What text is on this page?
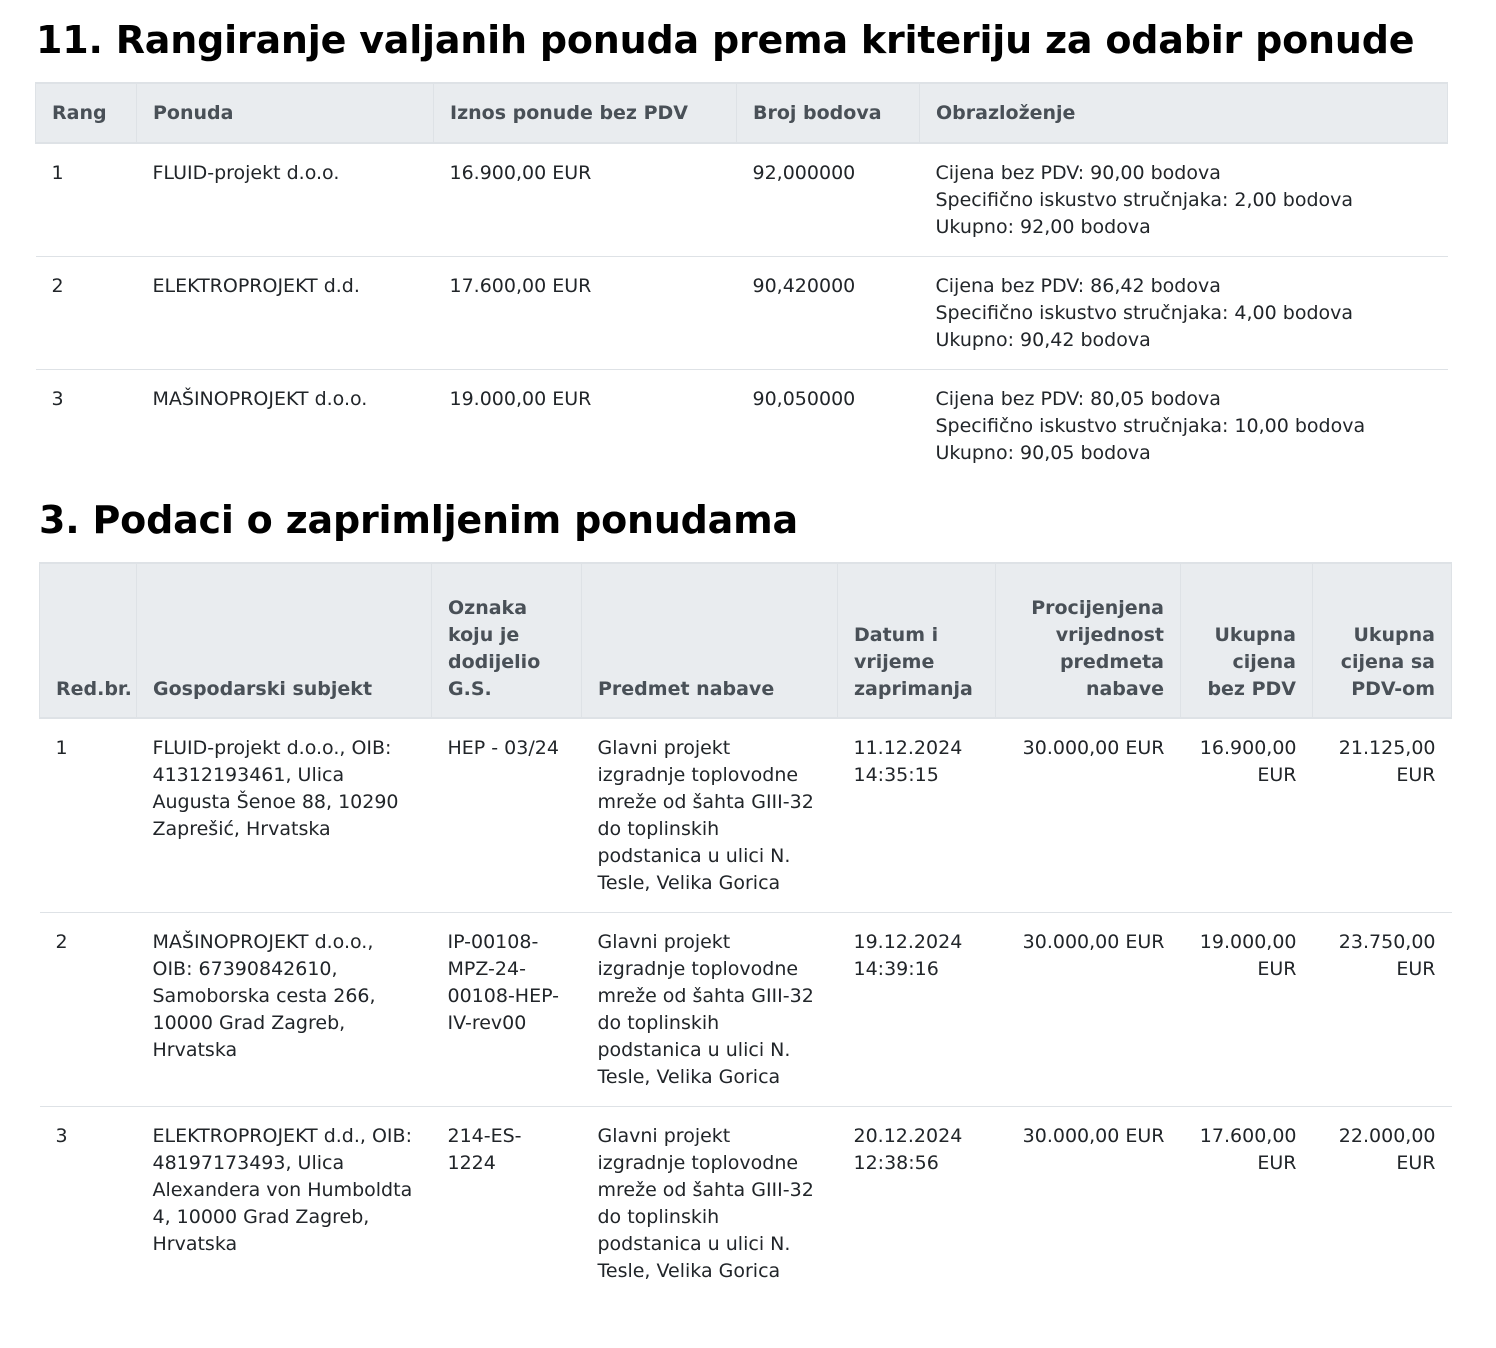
11. Rangiranje valjanih ponuda prema kriteriju za odabir ponude
Rang	Ponuda	Iznos ponude bez PDV	Broj bodova	Obrazloženje
1	FLUID-projekt d.o.o.	16.900,00 EUR	92,000000	Cijena bez PDV: 90,00 bodova
Specifično iskustvo stručnjaka: 2,00 bodova
Ukupno: 92,00 bodova

2	ELEKTROPROJEKT d.d.	17.600,00 EUR	90,420000	Cijena bez PDV: 86,42 bodova
Specifično iskustvo stručnjaka: 4,00 bodova
Ukupno: 90,42 bodova

3	MAŠINOPROJEKT d.o.o.	19.000,00 EUR	90,050000	Cijena bez PDV: 80,05 bodova
Specifično iskustvo stručnjaka: 10,00 bodova
Ukupno: 90,05 bodova
3. Podaci o zaprimljenim ponudama
Red.br.	Gospodarski subjekt	Oznaka koju je dodijelio G.S.	Predmet nabave	Datum i vrijeme zaprimanja	Procijenjena vrijednost predmeta nabave	Ukupna cijena bez PDV	Ukupna cijena sa PDV-om
1	FLUID-projekt d.o.o., OIB: 41312193461, Ulica Augusta Šenoe 88, 10290 Zaprešić, Hrvatska	HEP - 03/24	Glavni projekt izgradnje toplovodne mreže od šahta GIII-32 do toplinskih podstanica u ulici N. Tesle, Velika Gorica	11.12.2024 14:35:15	30.000,00 EUR	16.900,00 EUR	21.125,00 EUR
2	MAŠINOPROJEKT d.o.o., OIB: 67390842610, Samoborska cesta 266, 10000 Grad Zagreb, Hrvatska	IP-00108-MPZ-24-00108-HEP-IV-rev00	Glavni projekt izgradnje toplovodne mreže od šahta GIII-32 do toplinskih podstanica u ulici N. Tesle, Velika Gorica	19.12.2024 14:39:16	30.000,00 EUR	19.000,00 EUR	23.750,00 EUR
3	ELEKTROPROJEKT d.d., OIB: 48197173493, Ulica Alexandera von Humboldta 4, 10000 Grad Zagreb, Hrvatska	214-ES-1224	Glavni projekt izgradnje toplovodne mreže od šahta GIII-32 do toplinskih podstanica u ulici N. Tesle, Velika Gorica	20.12.2024 12:38:56	30.000,00 EUR	17.600,00 EUR	22.000,00 EUR
